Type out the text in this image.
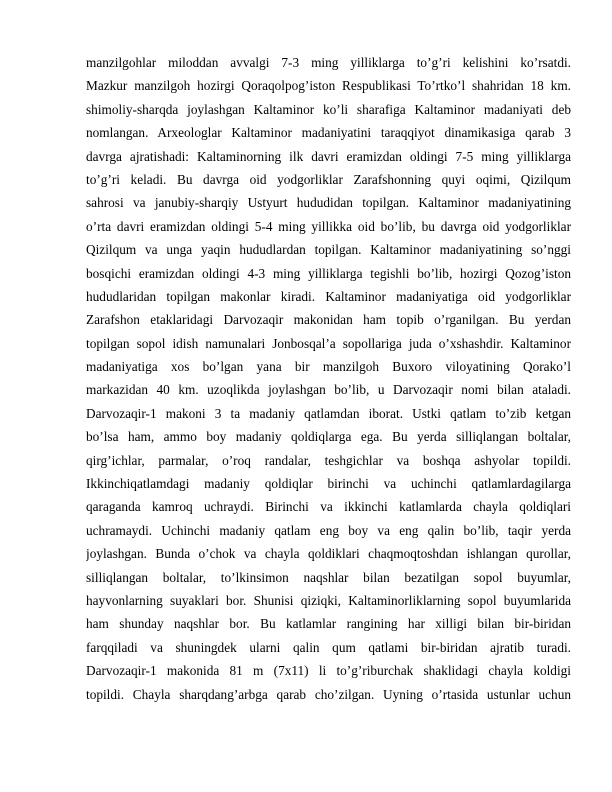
manzilgohlar miloddan avvalgi 7-3 ming yilliklarga to’g’ri kelishini ko’rsatdi.
Mazkur manzilgoh hozirgi Qoraqolpog’iston Respublikasi To’rtko’l shahridan 18 km.
shimoliy-sharqda joylashgan Kaltaminor ko’li sharafiga Kaltaminor madaniyati deb
nomlangan. Arxeologlar Kaltaminor madaniyatini taraqqiyot dinamikasiga qarab 3
davrga ajratishadi: Kaltaminorning ilk davri eramizdan oldingi 7-5 ming yilliklarga
to’g’ri keladi. Bu davrga oid yodgorliklar Zarafshonning quyi oqimi, Qizilqum
sahrosi va janubiy-sharqiy Ustyurt hududidan topilgan. Kaltaminor madaniyatining
o’rta davri eramizdan oldingi 5-4 ming yillikka oid bo’lib, bu davrga oid yodgorliklar
Qizilqum va unga yaqin hududlardan topilgan. Kaltaminor madaniyatining so’nggi
bosqichi eramizdan oldingi 4-3 ming yilliklarga tegishli bo’lib, hozirgi Qozog’iston
hududlaridan topilgan makonlar kiradi. Kaltaminor madaniyatiga oid yodgorliklar
Zarafshon etaklaridagi Darvozaqir makonidan ham topib o’rganilgan. Bu yerdan
topilgan sopol idish namunalari Jonbosqal’a sopollariga juda o’xshashdir. Kaltaminor
madaniyatiga xos bo’lgan yana bir manzilgoh Buxoro viloyatining Qorako’l
markazidan 40 km. uzoqlikda joylashgan bo’lib, u Darvozaqir nomi bilan ataladi.
Darvozaqir-1 makoni 3 ta madaniy qatlamdan iborat. Ustki qatlam to’zib ketgan
bo’lsa ham, ammo boy madaniy qoldiqlarga ega. Bu yerda silliqlangan boltalar,
qirg’ichlar, parmalar, o’roq randalar, teshgichlar va boshqa ashyolar topildi.
Ikkinchiqatlamdagi madaniy qoldiqlar birinchi va uchinchi qatlamlardagilarga
qaraganda kamroq uchraydi. Birinchi va ikkinchi katlamlarda chayla qoldiqlari
uchramaydi. Uchinchi madaniy qatlam eng boy va eng qalin bo’lib, taqir yerda
joylashgan. Bunda o’chok va chayla qoldiklari chaqmoqtoshdan ishlangan qurollar,
silliqlangan boltalar, to’lkinsimon naqshlar bilan bezatilgan sopol buyumlar,
hayvonlarning suyaklari bor. Shunisi qiziqki, Kaltaminorliklarning sopol buyumlarida
ham shunday naqshlar bor. Bu katlamlar rangining har xilligi bilan bir-biridan
farqqiladi va shuningdek ularni qalin qum qatlami bir-biridan ajratib turadi.
Darvozaqir-1 makonida 81 m (7x11) li to’g’riburchak shaklidagi chayla koldigi
topildi. Chayla sharqdang’arbga qarab cho’zilgan. Uyning o’rtasida ustunlar uchun
